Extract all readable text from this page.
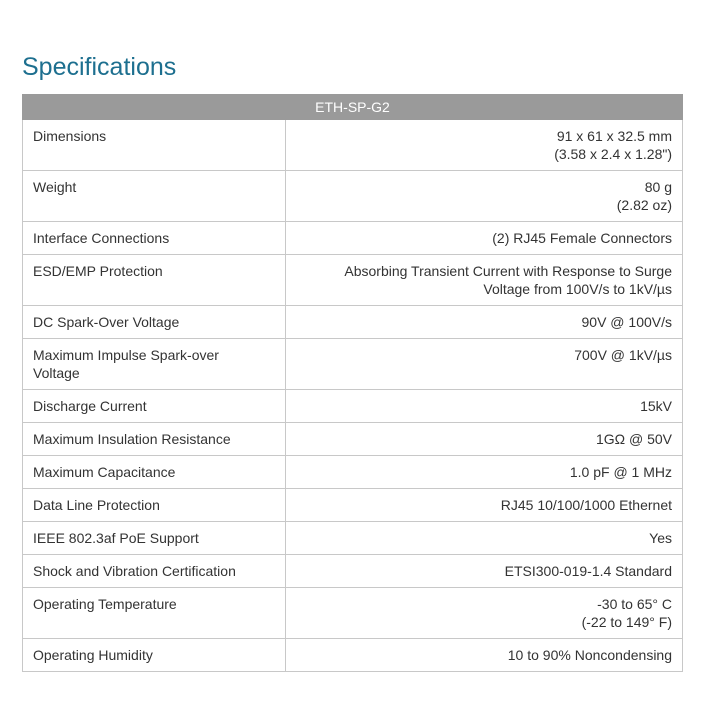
Specifications
ETH-SP-G2	

Dimensions	91 x 61 x 32.5 mm
(3.58 x 2.4 x 1.28")

Weight	80 g
(2.82 oz)

Interface Connections	(2) RJ45 Female Connectors

ESD/EMP Protection	Absorbing Transient Current with Response to Surge
Voltage from 100V/s to 1kV/µs

DC Spark-Over Voltage	90V @ 100V/s

Maximum Impulse Spark-over
Voltage	700V @ 1kV/µs

Discharge Current	15kV

Maximum Insulation Resistance	1GΩ @ 50V

Maximum Capacitance	1.0 pF @ 1 MHz

Data Line Protection	RJ45 10/100/1000 Ethernet

IEEE 802.3af PoE Support	Yes

Shock and Vibration Certification	ETSI300-019-1.4 Standard

Operating Temperature	-30 to 65° C
(-22 to 149° F)

Operating Humidity	10 to 90% Noncondensing
